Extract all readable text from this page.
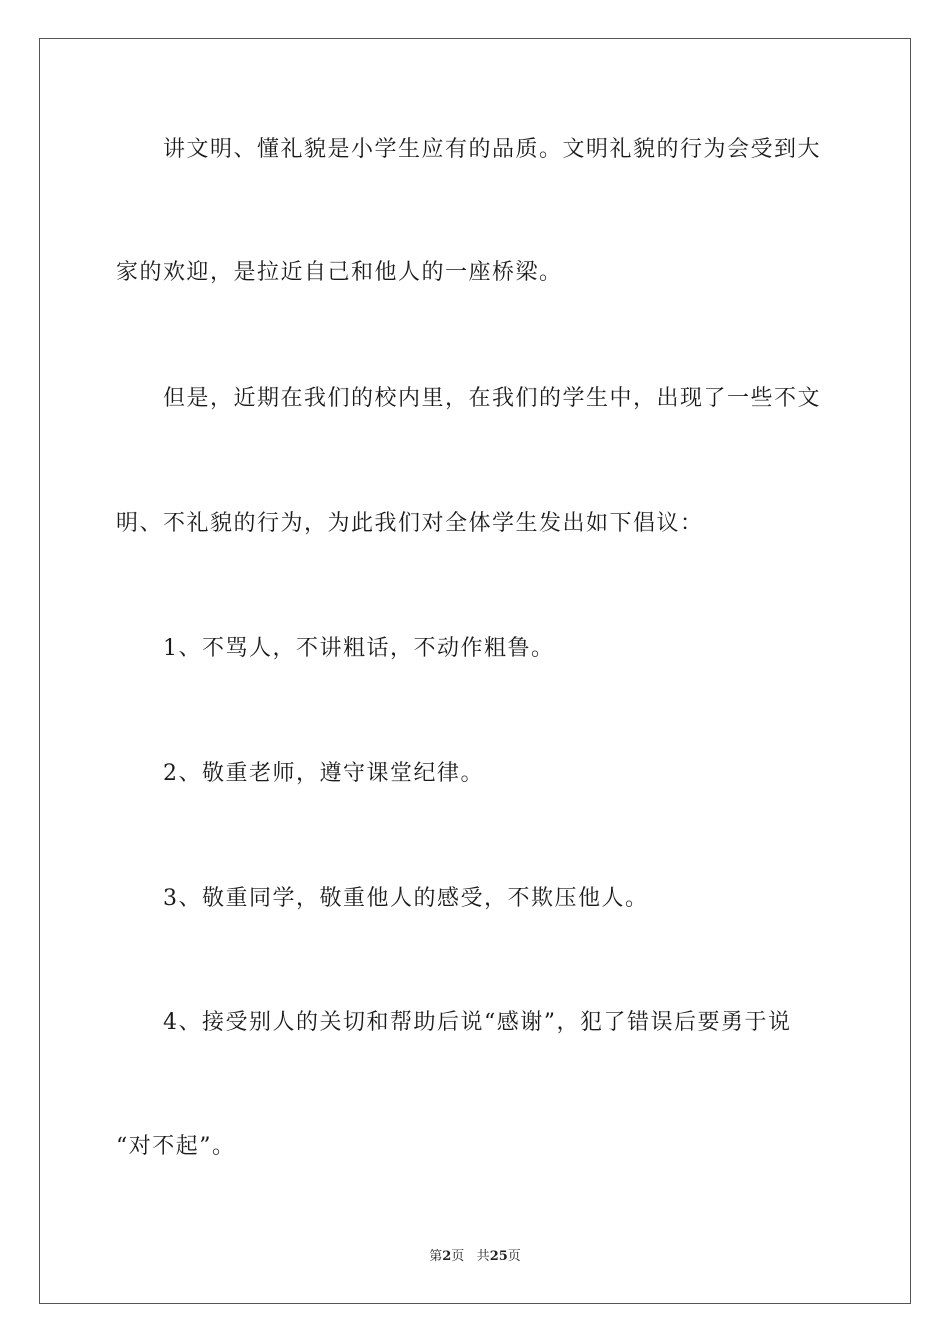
讲文明、懂礼貌是小学生应有的品质。文明礼貌的行为会受到大
家的欢迎，是拉近自己和他人的一座桥梁。
但是，近期在我们的校内里，在我们的学生中，出现了一些不文
明、不礼貌的行为，为此我们对全体学生发出如下倡议：
1、不骂人，不讲粗话，不动作粗鲁。
2、敬重老师，遵守课堂纪律。
3、敬重同学，敬重他人的感受，不欺压他人。
4、接受别人的关切和帮助后说“感谢”，犯了错误后要勇于说
“对不起”。
第2页 共25页
